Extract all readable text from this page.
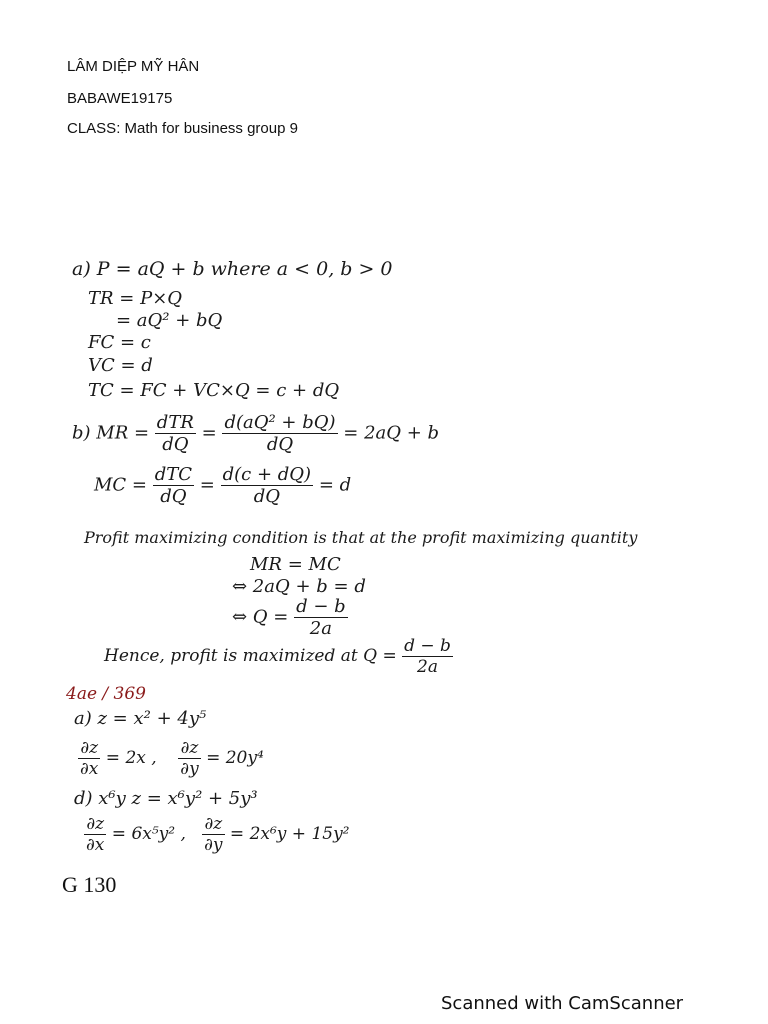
LÂM DIỆP MỸ HÂN
BABAWE19175
CLASS: Math for business group 9
a) P = aQ + b where a < 0, b > 0
TR = P×Q
= aQ² + bQ
FC = c
VC = d
TC = FC + VC×Q = c + dQ
b) MR = $\frac{\text{dTR}}{dQ} = \frac{\text{d(aQ² + bQ)}}{dQ} = 2aQ + b$
MC = $\frac{\text{dTC}}{dQ} = \frac{d(c + dQ)}{dQ} = d$
Profit maximizing condition is that at the profit maximizing quantity
MR = MC
⇔ 2aQ + b = d
⇔ $Q = \frac{d - b}{2a}$
Hence, profit is maximized at $Q = \frac{d - b}{2a}$
4ae / 369
a) z = x² + 4y⁵
$\frac{\partial z}{\partial x} = 2x$ , $\frac{\partial z}{\partial y} = 20y^4$
d) x⁶y z = x⁶y² + 5y³
$\frac{\partial z}{\partial x} = 6x^5y^2$ , $\frac{\partial z}{\partial y} = 2x^6y + 15y^2$
G 130
Scanned with CamScanner
